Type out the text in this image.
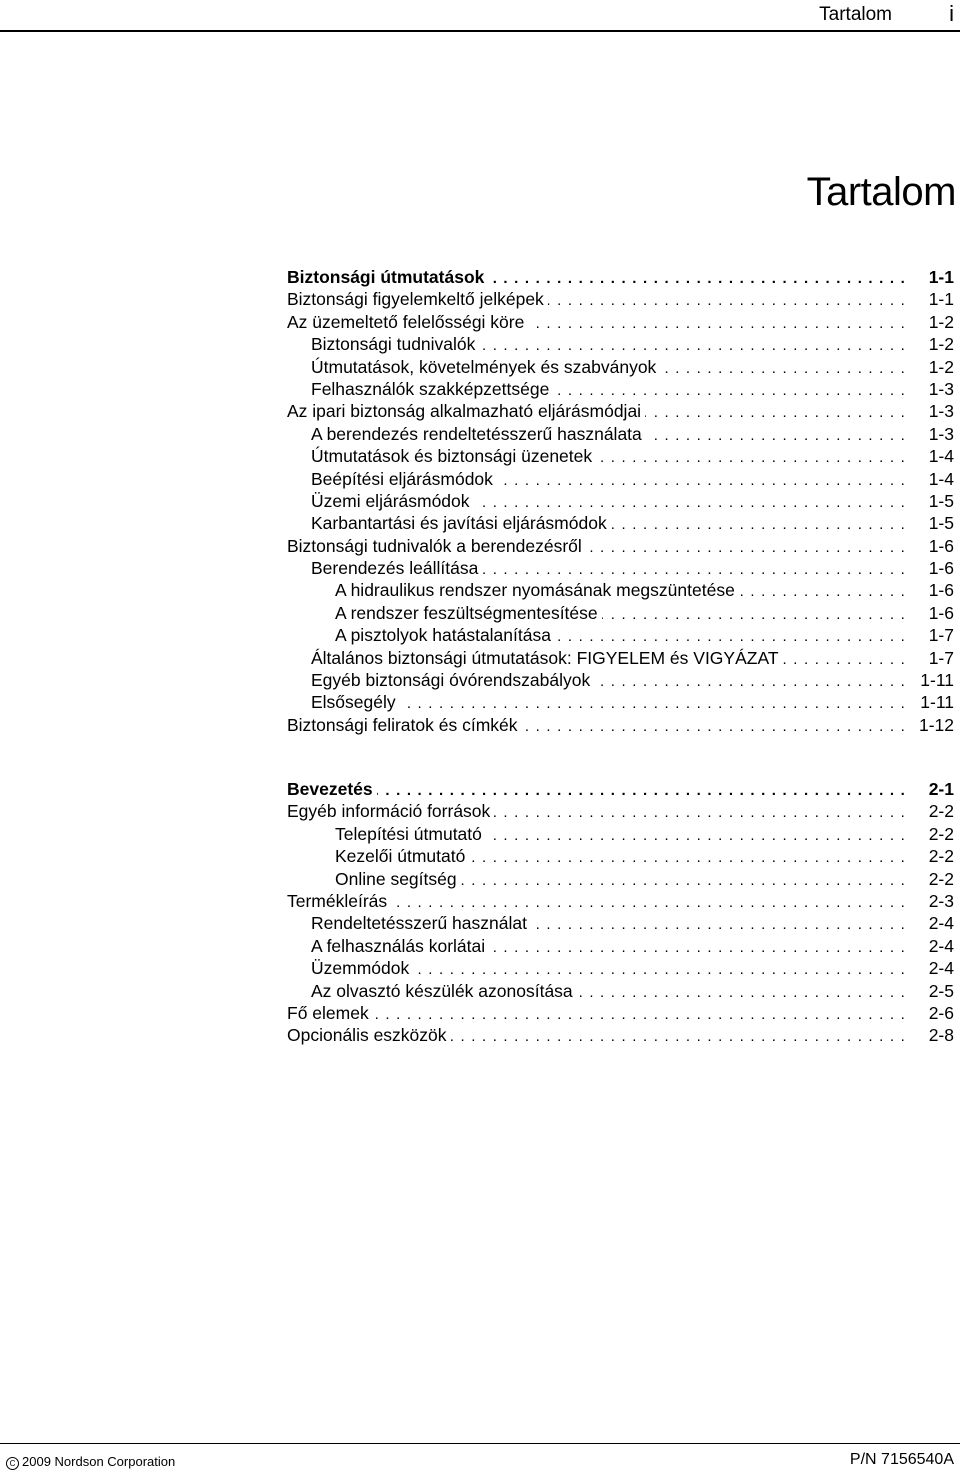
Tartalom	i
Tartalom
Biztonsági útmutatások . . .	1-1
Biztonsági figyelemkeltő jelképek . . .	1-1
Az üzemeltető felelősségi köre . . .	1-2
Biztonsági tudnivalók . . .	1-2
Útmutatások, követelmények és szabványok . . .	1-2
Felhasználók szakképzettsége . . .	1-3
Az ipari biztonság alkalmazható eljárásmódjai . . .	1-3
A berendezés rendeltetésszerű használata . . .	1-3
Útmutatások és biztonsági üzenetek . . .	1-4
Beépítési eljárásmódok . . .	1-4
Üzemi eljárásmódok . . .	1-5
Karbantartási és javítási eljárásmódok . . .	1-5
Biztonsági tudnivalók a berendezésről . . .	1-6
Berendezés leállítása . . .	1-6
A hidraulikus rendszer nyomásának megszüntetése . . .	1-6
A rendszer feszültségmentesítése . . .	1-6
A pisztolyok hatástalanítása . . .	1-7
Általános biztonsági útmutatások: FIGYELEM és VIGYÁZAT . . .	1-7
Egyéb biztonsági óvórendszabályok . . .	1-11
Elsősegély . . .	1-11
Biztonsági feliratok és címkék . . .	1-12
Bevezetés . . .	2-1
Egyéb információ források . . .	2-2
Telepítési útmutató . . .	2-2
Kezelői útmutató . . .	2-2
Online segítség . . .	2-2
Termékleírás . . .	2-3
Rendeltetésszerű használat . . .	2-4
A felhasználás korlátai . . .	2-4
Üzemmódok . . .	2-4
Az olvasztó készülék azonosítása . . .	2-5
Fő elemek . . .	2-6
Opcionális eszközök . . .	2-8
C 2009 Nordson Corporation	P/N 7156540A
